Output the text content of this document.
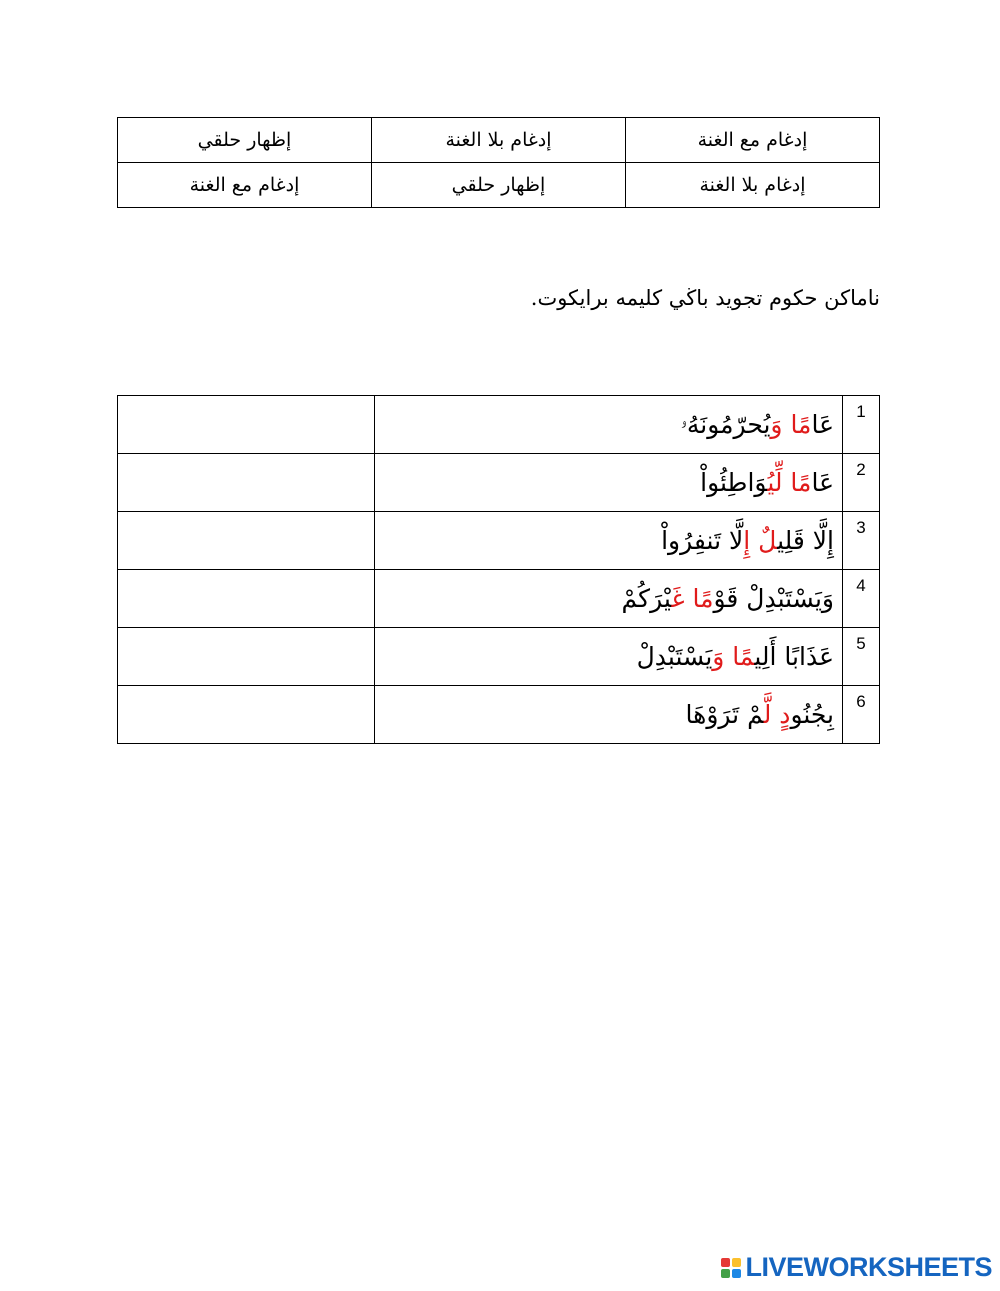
إظهار حلقي	إدغام بلا الغنة	إدغام مع الغنة
إدغام مع الغنة	إظهار حلقي	إدغام بلا الغنة
ناماكن حكوم تجويد باڬي كليمه برايكوت.
	عَامًا وَيُحرّمُونَهُۥ	1
	عَامًا لِّيُوَاطِئُواْ	2
	إِلَّا قَلِيلٌ إِلَّا تَنفِرُواْ	3
	وَيَسْتَبْدِلْ قَوْمًا غَيْرَكُمْ	4
	عَذَابًا أَلِيمًا وَيَسْتَبْدِلْ	5
	بِجُنُودٍ لَّمْ تَرَوْهَا	6
LIVEWORKSHEETS
